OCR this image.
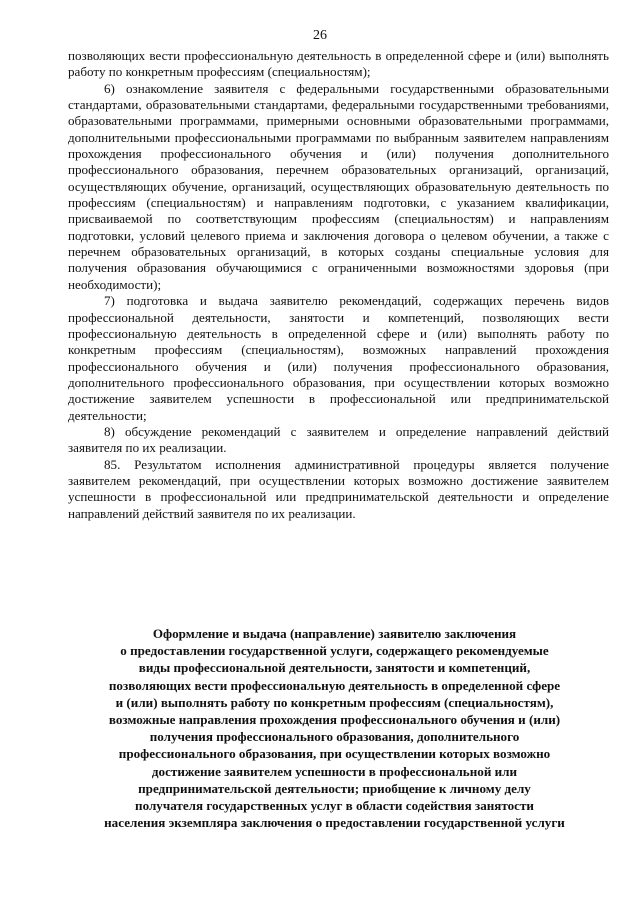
26

позволяющих вести профессиональную деятельность в определенной сфере и (или) выполнять работу по конкретным профессиям (специальностям);

6) ознакомление заявителя с федеральными государственными образовательными стандартами, образовательными стандартами, федеральными государственными требованиями, образовательными программами, примерными основными образовательными программами, дополнительными профессиональными программами по выбранным заявителем направлениям прохождения профессионального обучения и (или) получения дополнительного профессионального образования, перечнем образовательных организаций, организаций, осуществляющих обучение, организаций, осуществляющих образовательную деятельность по профессиям (специальностям) и направлениям подготовки, с указанием квалификации, присваиваемой по соответствующим профессиям (специальностям) и направлениям подготовки, условий целевого приема и заключения договора о целевом обучении, а также с перечнем образовательных организаций, в которых созданы специальные условия для получения образования обучающимися с ограниченными возможностями здоровья (при необходимости);

7) подготовка и выдача заявителю рекомендаций, содержащих перечень видов профессиональной деятельности, занятости и компетенций, позволяющих вести профессиональную деятельность в определенной сфере и (или) выполнять работу по конкретным профессиям (специальностям), возможных направлений прохождения профессионального обучения и (или) получения профессионального образования, дополнительного профессионального образования, при осуществлении которых возможно достижение заявителем успешности в профессиональной или предпринимательской деятельности;

8) обсуждение рекомендаций с заявителем и определение направлений действий заявителя по их реализации.

85. Результатом исполнения административной процедуры является получение заявителем рекомендаций, при осуществлении которых возможно достижение заявителем успешности в профессиональной или предпринимательской деятельности и определение направлений действий заявителя по их реализации.

Оформление и выдача (направление) заявителю заключения

о предоставлении государственной услуги, содержащего рекомендуемые

виды профессиональной деятельности, занятости и компетенций,

позволяющих вести профессиональную деятельность в определенной сфере

и (или) выполнять работу по конкретным профессиям (специальностям),

возможные направления прохождения профессионального обучения и (или)

получения профессионального образования, дополнительного

профессионального образования, при осуществлении которых возможно

достижение заявителем успешности в профессиональной или

предпринимательской деятельности; приобщение к личному делу

получателя государственных услуг в области содействия занятости

населения экземпляра заключения о предоставлении государственной услуги
